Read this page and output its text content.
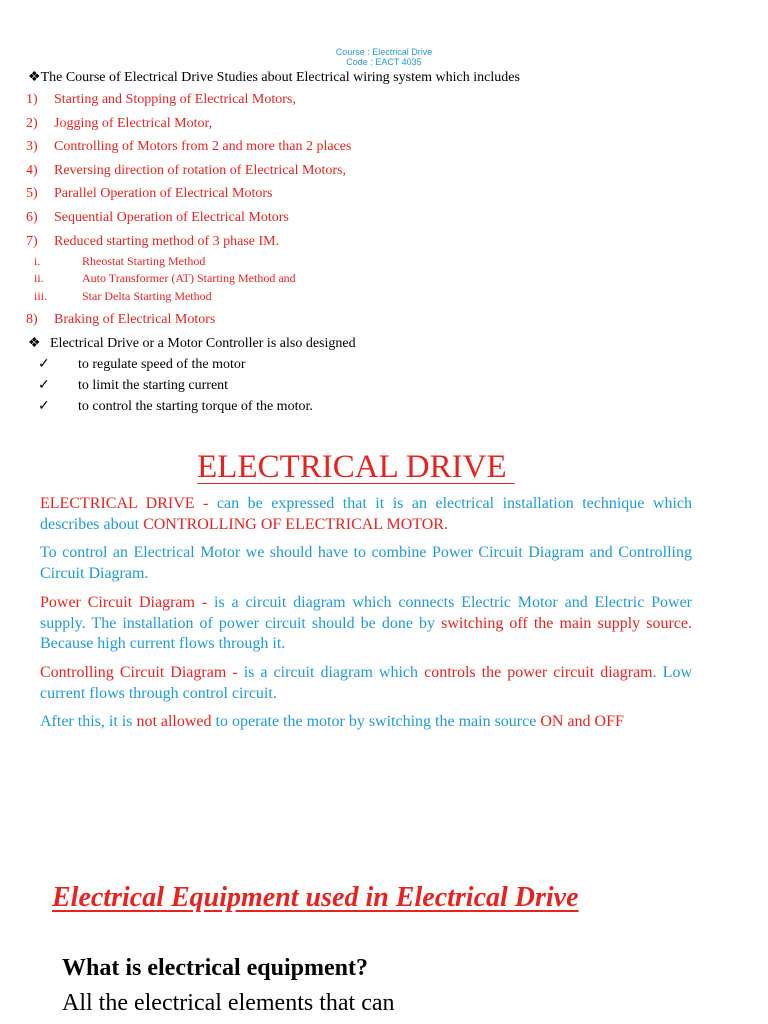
Course : Electrical Drive
Code : EACT 4035
❖The Course of Electrical Drive Studies about Electrical wiring system which includes
1) Starting and Stopping of Electrical Motors,
2) Jogging of Electrical Motor,
3) Controlling of Motors from 2 and more than 2 places
4) Reversing direction of rotation of Electrical Motors,
5) Parallel Operation of Electrical Motors
6) Sequential Operation of Electrical Motors
7) Reduced starting method of 3 phase IM.
i.	Rheostat Starting Method
ii.	Auto Transformer (AT) Starting Method and
iii.	Star Delta Starting Method
8) Braking of Electrical Motors
❖ Electrical Drive or a Motor Controller is also designed
✓ to regulate speed of the motor
✓ to limit the starting current
✓ to control the starting torque of the motor.
ELECTRICAL DRIVE
ELECTRICAL DRIVE - can be expressed that it is an electrical installation technique which describes about CONTROLLING OF ELECTRICAL MOTOR.
To control an Electrical Motor we should have to combine Power Circuit Diagram and Controlling Circuit Diagram.
Power Circuit Diagram - is a circuit diagram which connects Electric Motor and Electric Power supply. The installation of power circuit should be done by switching off the main supply source. Because high current flows through it.
Controlling Circuit Diagram - is a circuit diagram which controls the power circuit diagram. Low current flows through control circuit.
After this, it is not allowed to operate the motor by switching the main source ON and OFF
Electrical Equipment used in Electrical Drive
What is electrical equipment?
All the electrical elements that can
